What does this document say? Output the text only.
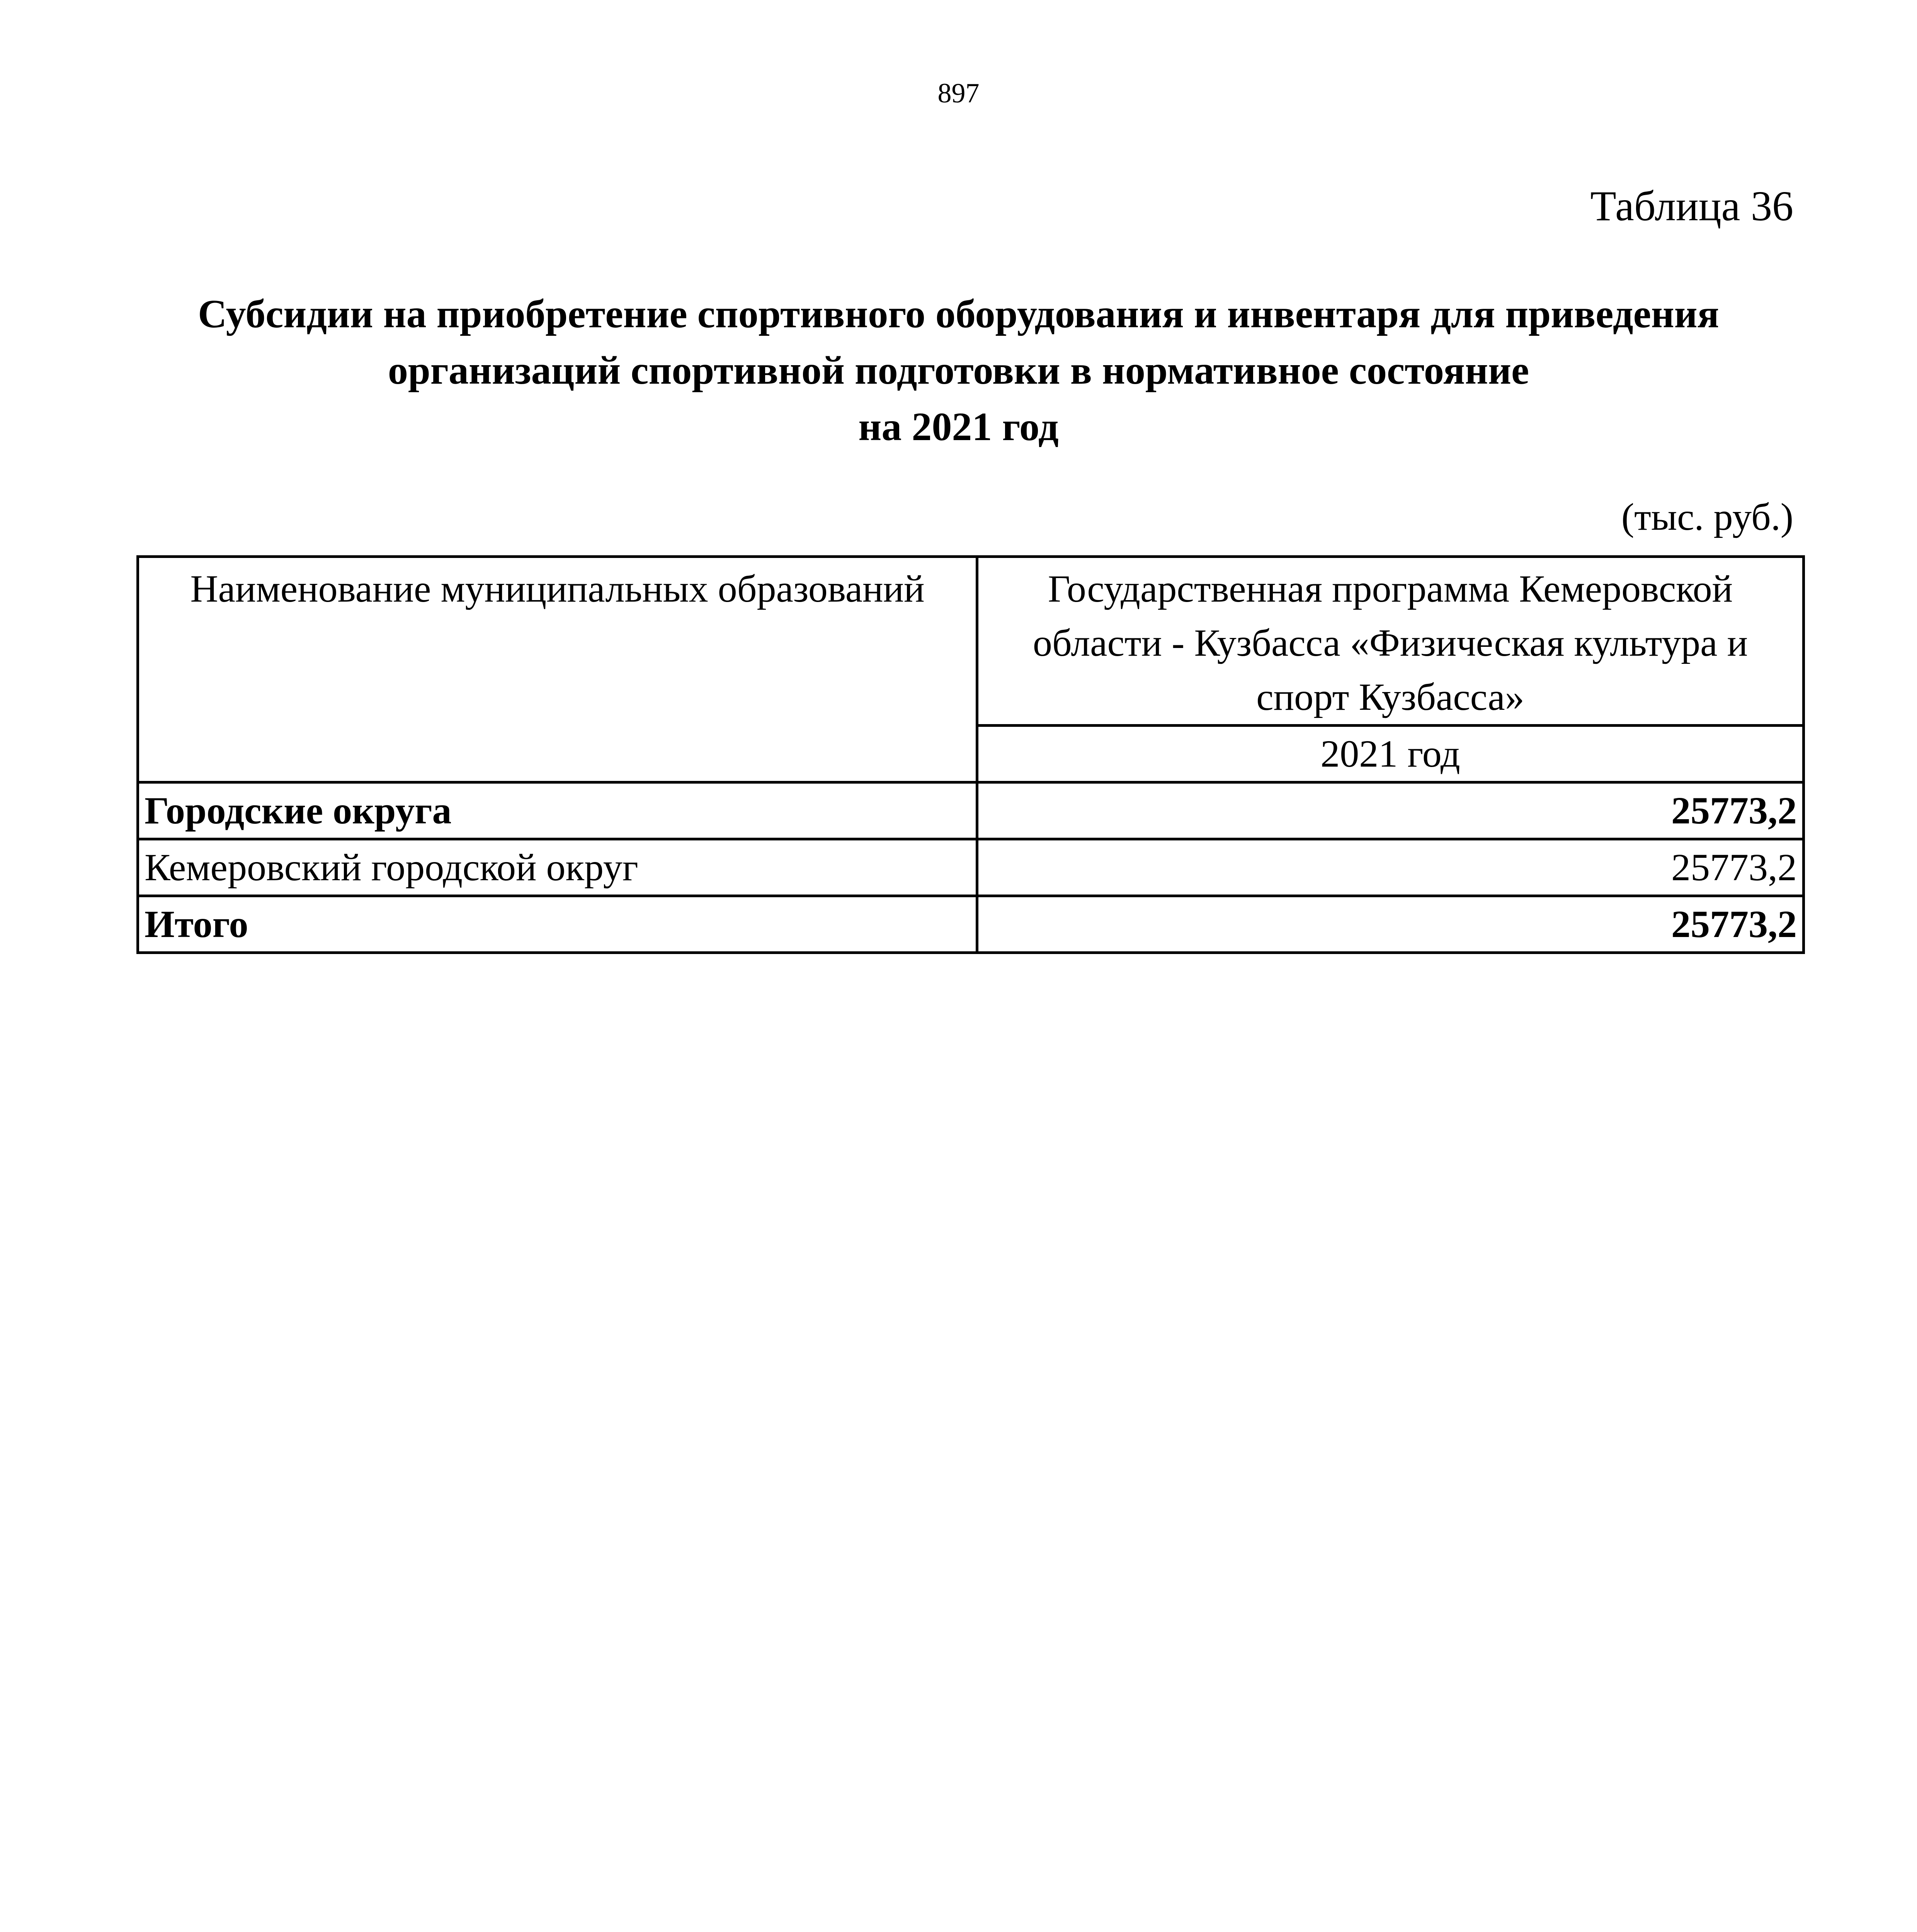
897
Таблица 36
Субсидии на приобретение спортивного оборудования и инвентаря для приведения
организаций спортивной подготовки в нормативное состояние
на 2021 год
(тыс. руб.)
Наименование муниципальных образований	Государственная программа Кемеровской области - Кузбасса «Физическая культура и спорт Кузбасса»
	2021 год
Городские округа	25773,2
Кемеровский городской округ	25773,2
Итого	25773,2
